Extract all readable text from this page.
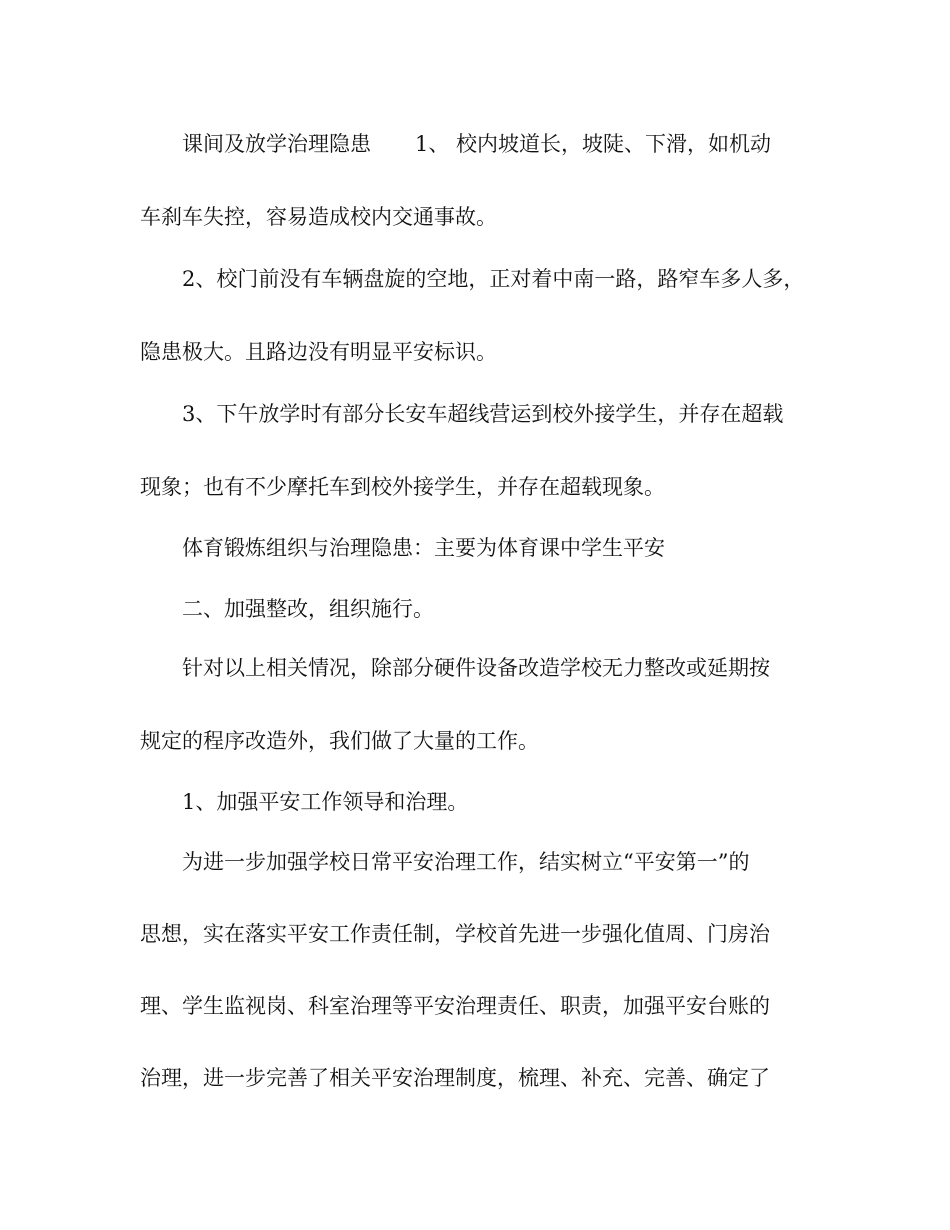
课间及放学治理隐患 1、 校内坡道长，坡陡、下滑，如机动
车刹车失控，容易造成校内交通事故。
2、校门前没有车辆盘旋的空地，正对着中南一路，路窄车多人多，
隐患极大。且路边没有明显平安标识。
3、下午放学时有部分长安车超线营运到校外接学生，并存在超载
现象；也有不少摩托车到校外接学生，并存在超载现象。
体育锻炼组织与治理隐患：主要为体育课中学生平安
二、加强整改，组织施行。
针对以上相关情况，除部分硬件设备改造学校无力整改或延期按
规定的程序改造外，我们做了大量的工作。
1、加强平安工作领导和治理。
为进一步加强学校日常平安治理工作，结实树立“平安第一”的
思想，实在落实平安工作责任制，学校首先进一步强化值周、门房治
理、学生监视岗、科室治理等平安治理责任、职责，加强平安台账的
治理，进一步完善了相关平安治理制度，梳理、补充、完善、确定了
